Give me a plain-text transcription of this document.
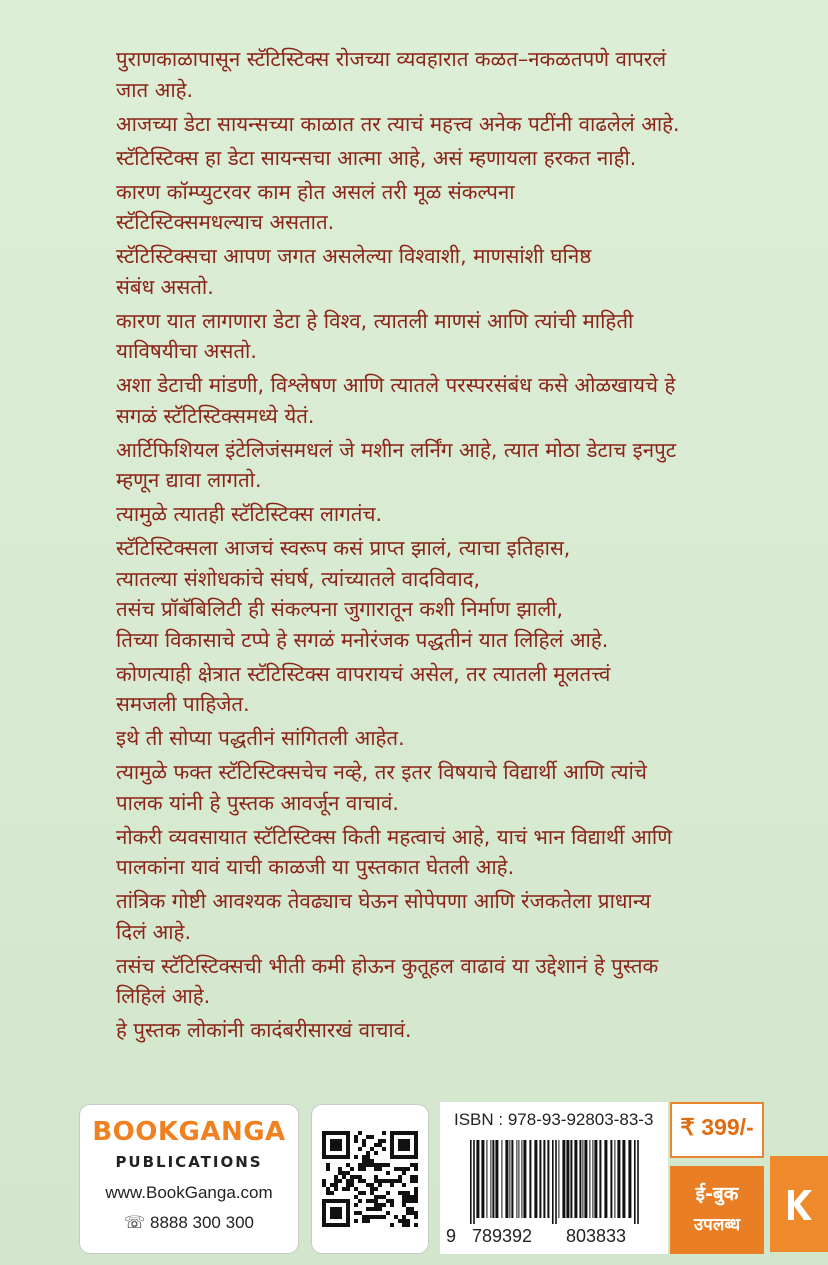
पुराणकाळापासून स्टॅटिस्टिक्स रोजच्या व्यवहारात कळत–नकळतपणे वापरलं
जात आहे.
आजच्या डेटा सायन्सच्या काळात तर त्याचं महत्त्व अनेक पटींनी वाढलेलं आहे.
स्टॅटिस्टिक्स हा डेटा सायन्सचा आत्मा आहे, असं म्हणायला हरकत नाही.
कारण कॉम्प्युटरवर काम होत असलं तरी मूळ संकल्पना
स्टॅटिस्टिक्समधल्याच असतात.
स्टॅटिस्टिक्सचा आपण जगत असलेल्या विश्वाशी, माणसांशी घनिष्ठ
संबंध असतो.
कारण यात लागणारा डेटा हे विश्व, त्यातली माणसं आणि त्यांची माहिती
याविषयीचा असतो.
अशा डेटाची मांडणी, विश्लेषण आणि त्यातले परस्परसंबंध कसे ओळखायचे हे
सगळं स्टॅटिस्टिक्समध्ये येतं.
आर्टिफिशियल इंटेलिजंसमधलं जे मशीन लर्निंग आहे, त्यात मोठा डेटाच इनपुट
म्हणून द्यावा लागतो.
त्यामुळे त्यातही स्टॅटिस्टिक्स लागतंच.
स्टॅटिस्टिक्सला आजचं स्वरूप कसं प्राप्त झालं, त्याचा इतिहास,
त्यातल्या संशोधकांचे संघर्ष, त्यांच्यातले वादविवाद,
तसंच प्रॉबॅबिलिटी ही संकल्पना जुगारातून कशी निर्माण झाली,
तिच्या विकासाचे टप्पे हे सगळं मनोरंजक पद्धतीनं यात लिहिलं आहे.
कोणत्याही क्षेत्रात स्टॅटिस्टिक्स वापरायचं असेल, तर त्यातली मूलतत्त्वं
समजली पाहिजेत.
इथे ती सोप्या पद्धतीनं सांगितली आहेत.
त्यामुळे फक्त स्टॅटिस्टिक्सचेच नव्हे, तर इतर विषयाचे विद्यार्थी आणि त्यांचे
पालक यांनी हे पुस्तक आवर्जून वाचावं.
नोकरी व्यवसायात स्टॅटिस्टिक्स किती महत्वाचं आहे, याचं भान विद्यार्थी आणि
पालकांना यावं याची काळजी या पुस्तकात घेतली आहे.
तांत्रिक गोष्टी आवश्यक तेवढ्याच घेऊन सोपेपणा आणि रंजकतेला प्राधान्य
दिलं आहे.
तसंच स्टॅटिस्टिक्सची भीती कमी होऊन कुतूहल वाढावं या उद्देशानं हे पुस्तक
लिहिलं आहे.
हे पुस्तक लोकांनी कादंबरीसारखं वाचावं.
BOOKGANGA
PUBLICATIONS
www.BookGanga.com
☏ 8888 300 300
ISBN : 978-93-92803-83-3
9 789392 803833
₹ 399/-
ई-बुक
उपलब्ध
